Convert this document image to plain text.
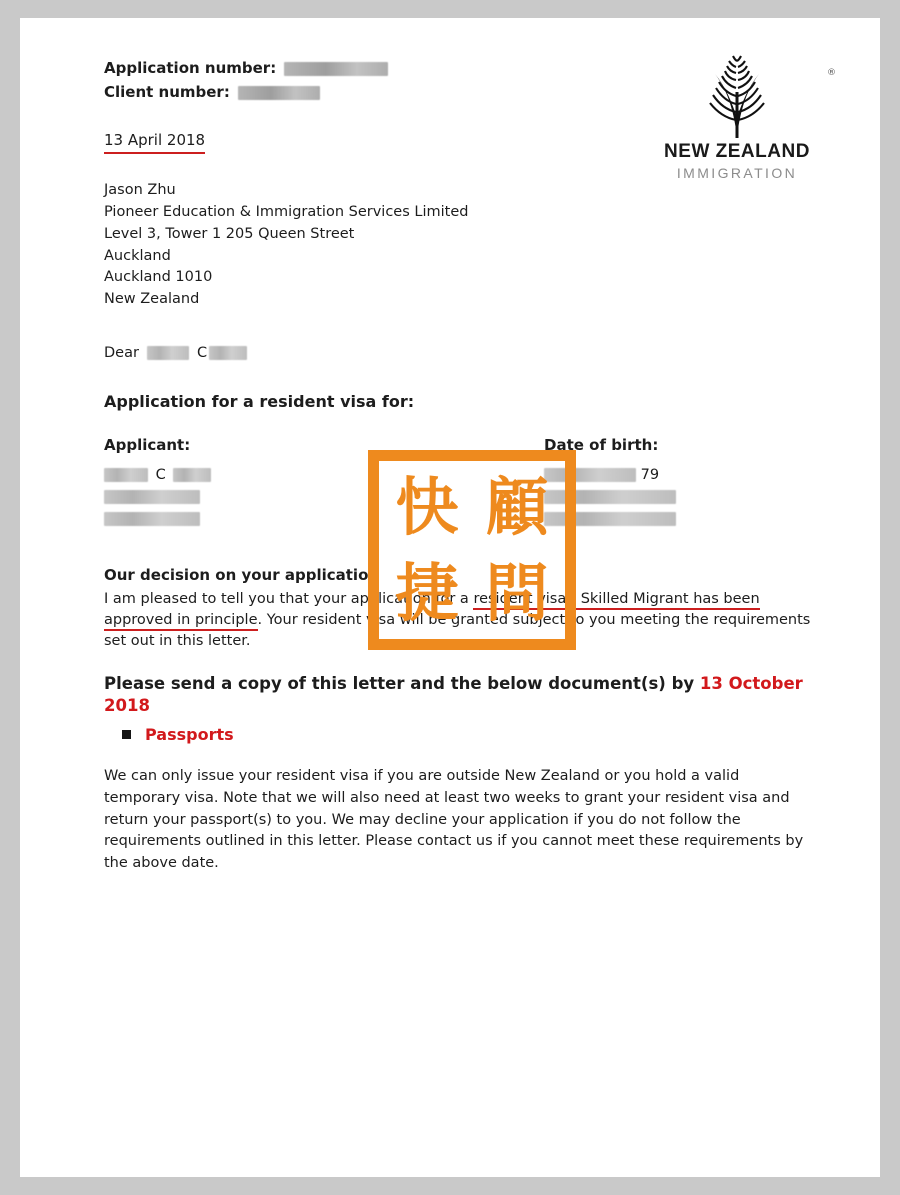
®
NEW ZEALAND
IMMIGRATION
Application number:
Client number:
13 April 2018
Jason Zhu
Pioneer Education & Immigration Services Limited
Level 3, Tower 1 205 Queen Street
Auckland
Auckland 1010
New Zealand
Dear	C
Application for a resident visa for:
Applicant:	Date of birth:
C	79
Our decision on your application
I am pleased to tell you that your application for a resident visa - Skilled Migrant has been approved in principle. Your resident visa will be granted subject to you meeting the requirements set out in this letter.
Please send a copy of this letter and the below document(s) by 13 October 2018
Passports
We can only issue your resident visa if you are outside New Zealand or you hold a valid temporary visa. Note that we will also need at least two weeks to grant your resident visa and return your passport(s) to you. We may decline your application if you do not follow the requirements outlined in this letter. Please contact us if you cannot meet these requirements by the above date.
快 顧
捷 問
